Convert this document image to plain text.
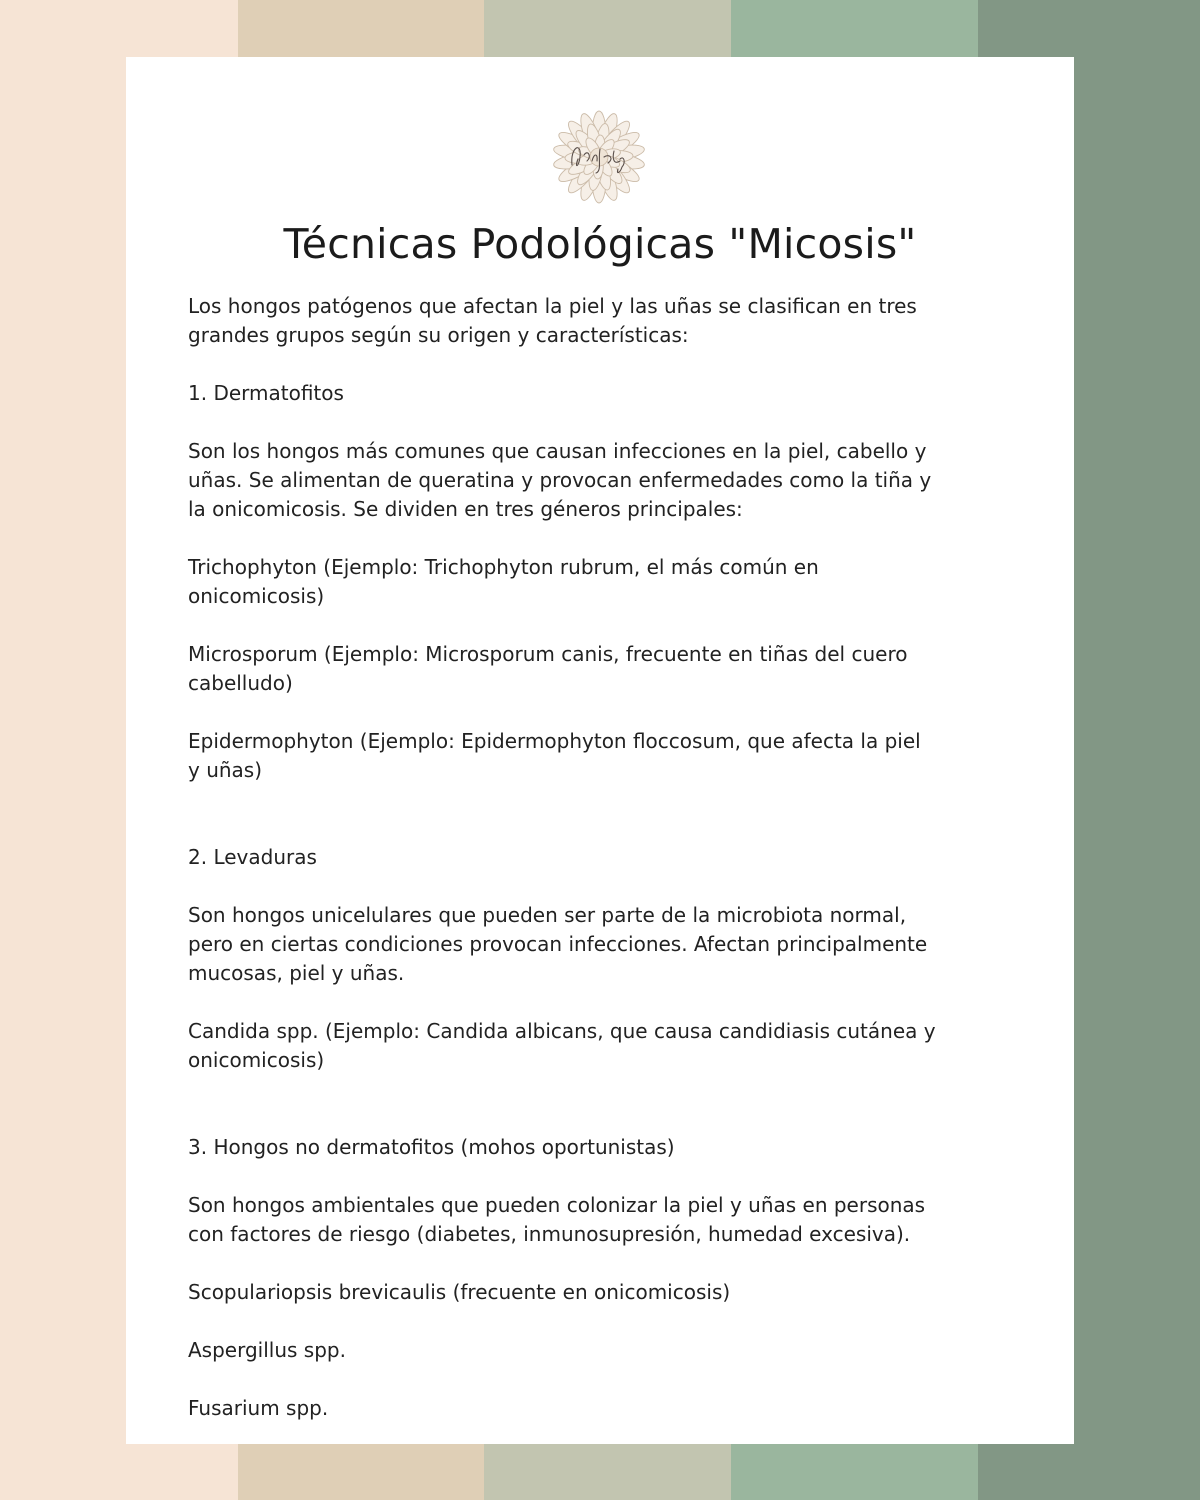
Técnicas Podológicas "Micosis"

Los hongos patógenos que afectan la piel y las uñas se clasifican en tres
grandes grupos según su origen y características:

1. Dermatofitos

Son los hongos más comunes que causan infecciones en la piel, cabello y
uñas. Se alimentan de queratina y provocan enfermedades como la tiña y
la onicomicosis. Se dividen en tres géneros principales:

Trichophyton (Ejemplo: Trichophyton rubrum, el más común en
onicomicosis)

Microsporum (Ejemplo: Microsporum canis, frecuente en tiñas del cuero
cabelludo)

Epidermophyton (Ejemplo: Epidermophyton floccosum, que afecta la piel
y uñas)

2. Levaduras

Son hongos unicelulares que pueden ser parte de la microbiota normal,
pero en ciertas condiciones provocan infecciones. Afectan principalmente
mucosas, piel y uñas.

Candida spp. (Ejemplo: Candida albicans, que causa candidiasis cutánea y
onicomicosis)

3. Hongos no dermatofitos (mohos oportunistas)

Son hongos ambientales que pueden colonizar la piel y uñas en personas
con factores de riesgo (diabetes, inmunosupresión, humedad excesiva).

Scopulariopsis brevicaulis (frecuente en onicomicosis)

Aspergillus spp.

Fusarium spp.
